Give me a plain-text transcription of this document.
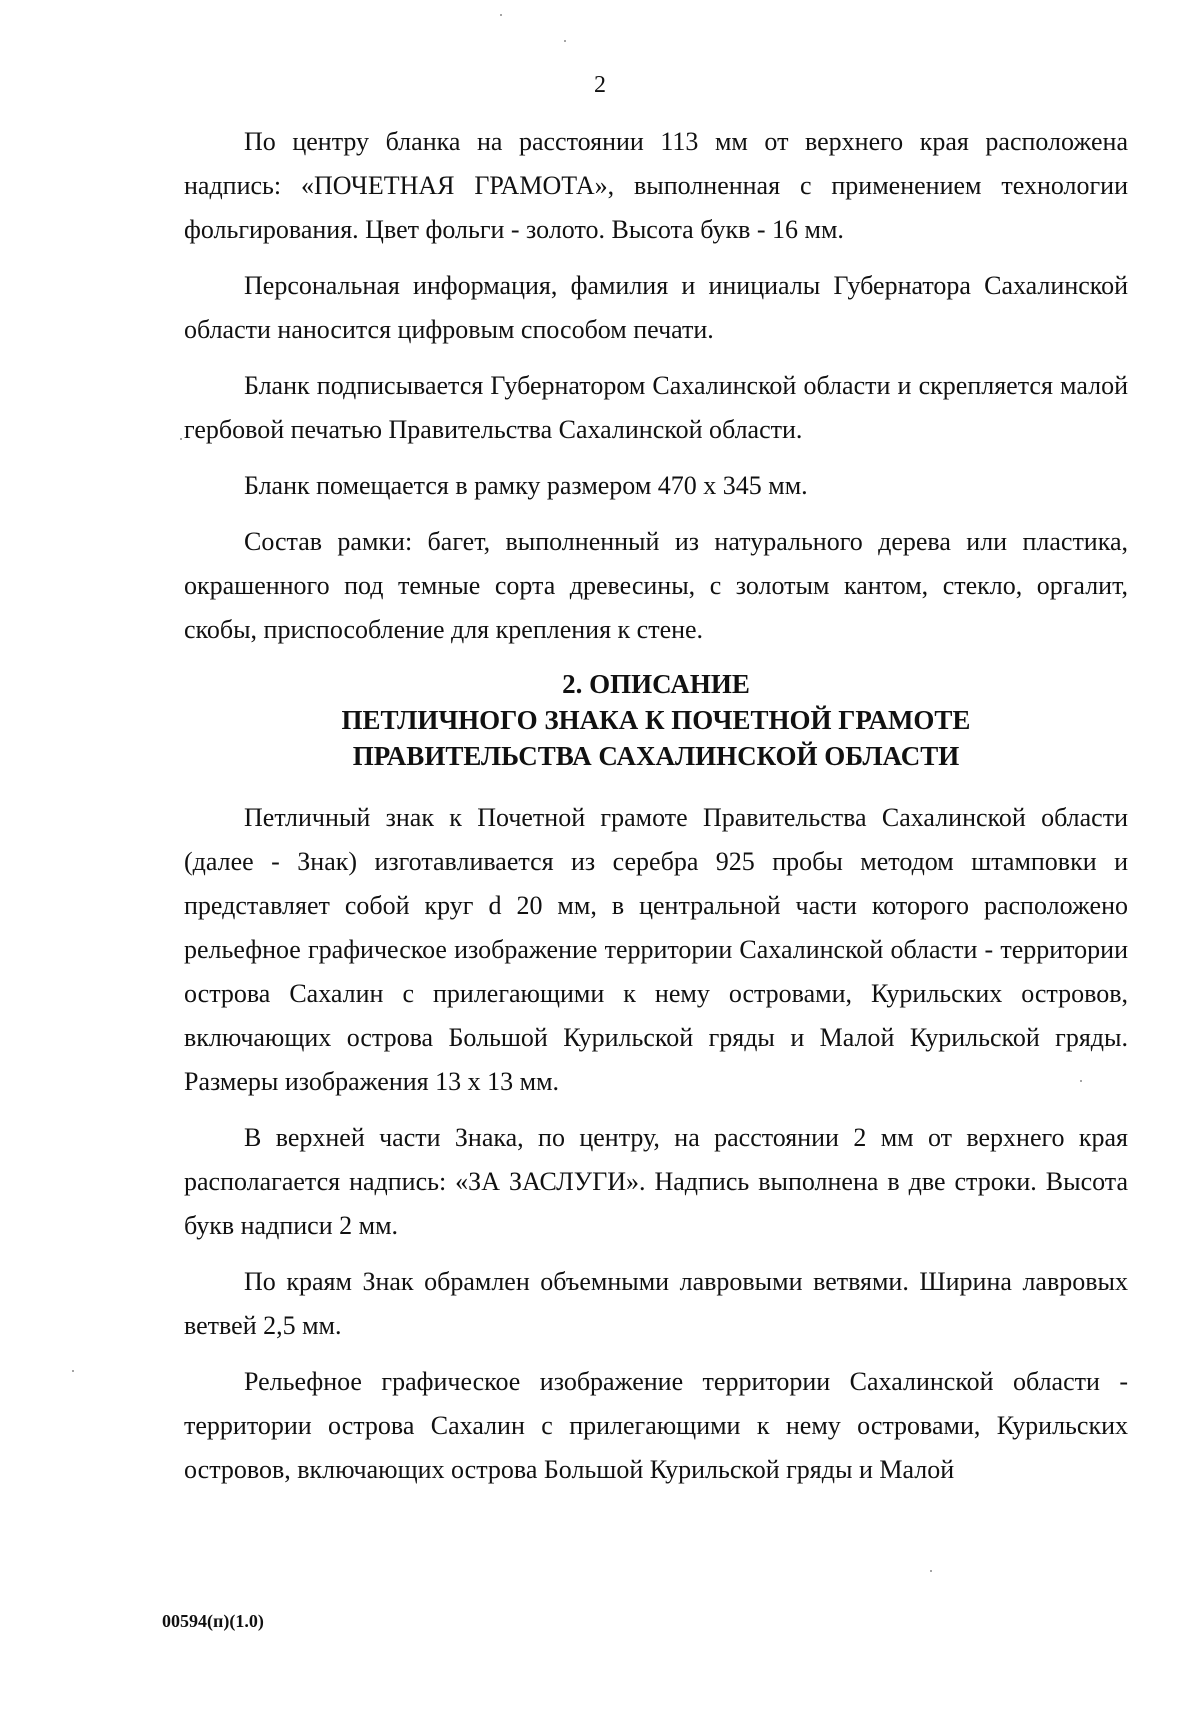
2

По центру бланка на расстоянии 113 мм от верхнего края расположена надпись: «ПОЧЕТНАЯ ГРАМОТА», выполненная с применением технологии фольгирования. Цвет фольги - золото. Высота букв - 16 мм.

Персональная информация, фамилия и инициалы Губернатора Сахалинской области наносится цифровым способом печати.

Бланк подписывается Губернатором Сахалинской области и скрепляется малой гербовой печатью Правительства Сахалинской области.

Бланк помещается в рамку размером 470 х 345 мм.

Состав рамки: багет, выполненный из натурального дерева или пластика, окрашенного под темные сорта древесины, с золотым кантом, стекло, оргалит, скобы, приспособление для крепления к стене.

2. ОПИСАНИЕ
ПЕТЛИЧНОГО ЗНАКА К ПОЧЕТНОЙ ГРАМОТЕ
ПРАВИТЕЛЬСТВА САХАЛИНСКОЙ ОБЛАСТИ

Петличный знак к Почетной грамоте Правительства Сахалинской области (далее - Знак) изготавливается из серебра 925 пробы методом штамповки и представляет собой круг d 20 мм, в центральной части которого расположено рельефное графическое изображение территории Сахалинской области - территории острова Сахалин с прилегающими к нему островами, Курильских островов, включающих острова Большой Курильской гряды и Малой Курильской гряды. Размеры изображения 13 х 13 мм.

В верхней части Знака, по центру, на расстоянии 2 мм от верхнего края располагается надпись: «ЗА ЗАСЛУГИ». Надпись выполнена в две строки. Высота букв надписи 2 мм.

По краям Знак обрамлен объемными лавровыми ветвями. Ширина лавровых ветвей 2,5 мм.

Рельефное графическое изображение территории Сахалинской области - территории острова Сахалин с прилегающими к нему островами, Курильских островов, включающих острова Большой Курильской гряды и Малой

00594(п)(1.0)
